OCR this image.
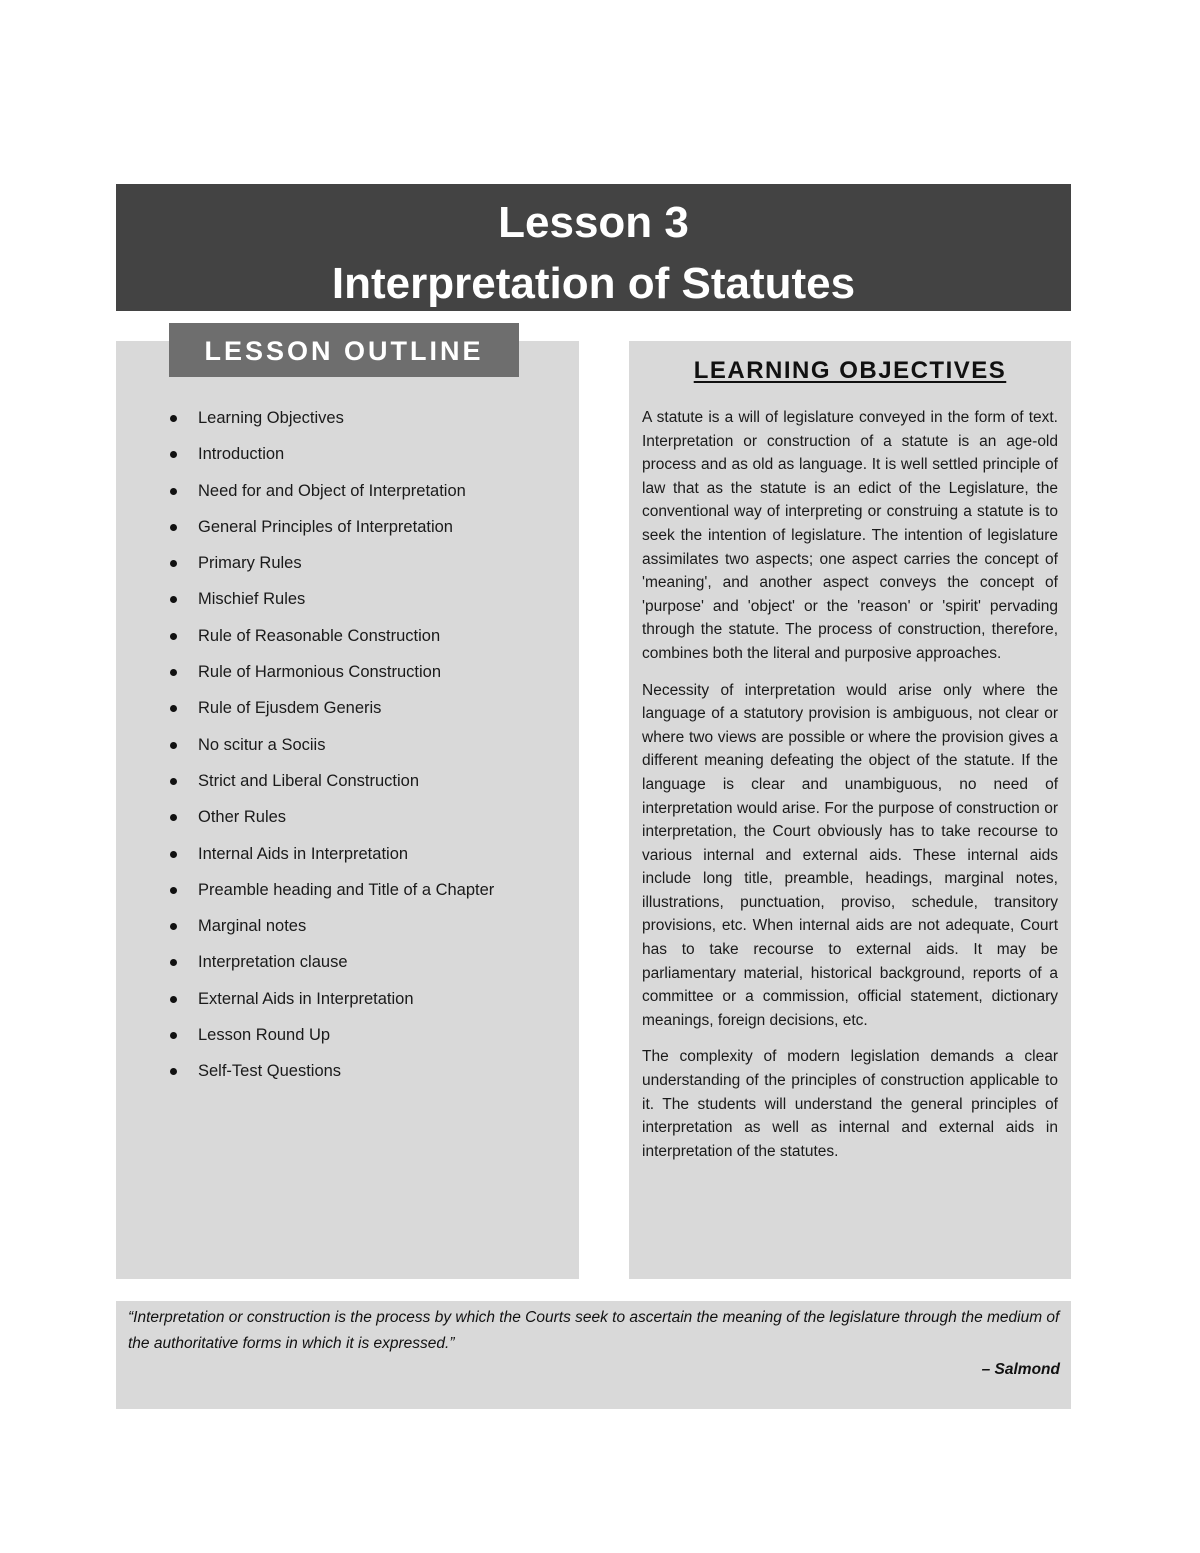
Lesson 3
Interpretation of Statutes
LESSON OUTLINE
Learning Objectives
Introduction
Need for and Object of Interpretation
General Principles of Interpretation
Primary Rules
Mischief Rules
Rule of Reasonable Construction
Rule of Harmonious Construction
Rule of Ejusdem Generis
No scitur a Sociis
Strict and Liberal Construction
Other Rules
Internal Aids in Interpretation
Preamble heading and Title of a Chapter
Marginal notes
Interpretation clause
External Aids in Interpretation
Lesson Round Up
Self-Test Questions
LEARNING OBJECTIVES

A statute is a will of legislature conveyed in the form of text. Interpretation or construction of a statute is an age-old process and as old as language. It is well settled principle of law that as the statute is an edict of the Legislature, the conventional way of interpreting or construing a statute is to seek the intention of legislature. The intention of legislature assimilates two aspects; one aspect carries the concept of 'meaning', and another aspect conveys the concept of 'purpose' and 'object' or the 'reason' or 'spirit' pervading through the statute. The process of construction, therefore, combines both the literal and purposive approaches.

Necessity of interpretation would arise only where the language of a statutory provision is ambiguous, not clear or where two views are possible or where the provision gives a different meaning defeating the object of the statute. If the language is clear and unambiguous, no need of interpretation would arise. For the purpose of construction or interpretation, the Court obviously has to take recourse to various internal and external aids. These internal aids include long title, preamble, headings, marginal notes, illustrations, punctuation, proviso, schedule, transitory provisions, etc. When internal aids are not adequate, Court has to take recourse to external aids. It may be parliamentary material, historical background, reports of a committee or a commission, official statement, dictionary meanings, foreign decisions, etc.

The complexity of modern legislation demands a clear understanding of the principles of construction applicable to it. The students will understand the general principles of interpretation as well as internal and external aids in interpretation of the statutes.

“Interpretation or construction is the process by which the Courts seek to ascertain the meaning of the legislature through the medium of the authoritative forms in which it is expressed.”
– Salmond
